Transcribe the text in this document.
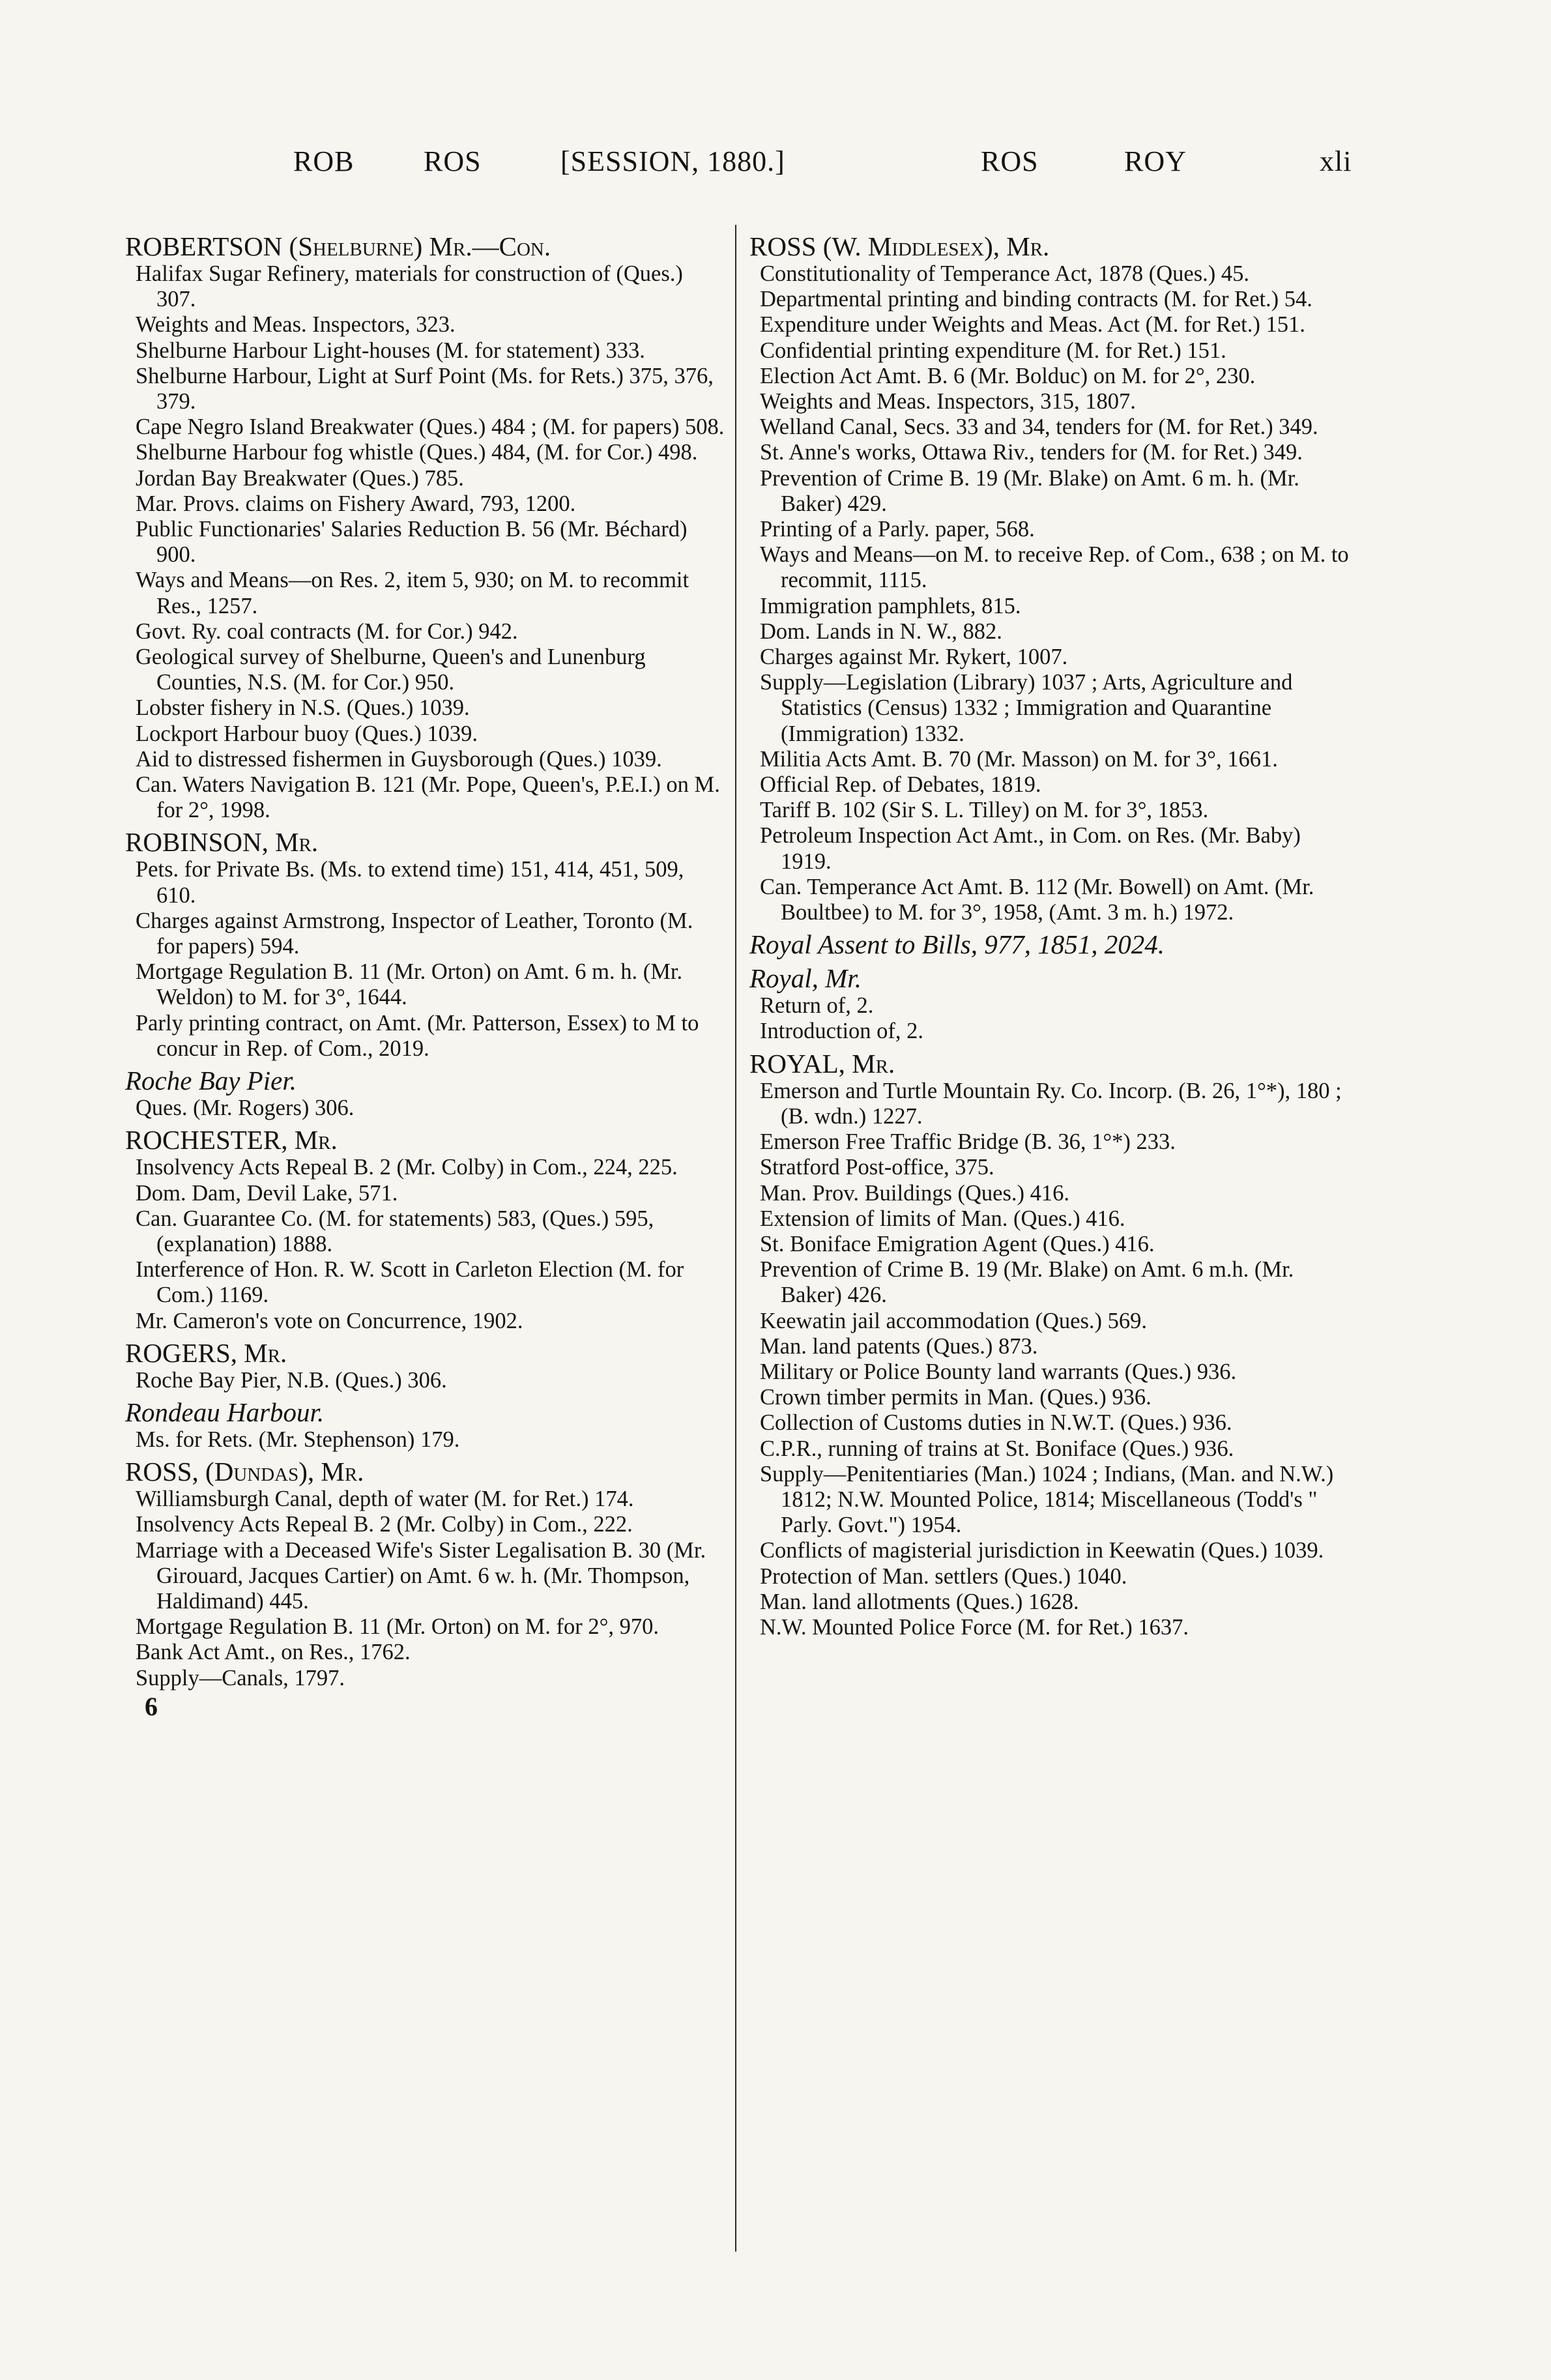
ROB ROS	[SESSION, 1880.]	ROS	ROY	xli
ROBERTSON (Shelburne) Mr.—Con.

Halifax Sugar Refinery, materials for construction of (Ques.) 307.

Weights and Meas. Inspectors, 323.

Shelburne Harbour Light-houses (M. for statement) 333.

Shelburne Harbour, Light at Surf Point (Ms. for Rets.) 375, 376, 379.

Cape Negro Island Breakwater (Ques.) 484 ; (M. for papers) 508.

Shelburne Harbour fog whistle (Ques.) 484, (M. for Cor.) 498.

Jordan Bay Breakwater (Ques.) 785.

Mar. Provs. claims on Fishery Award, 793, 1200.

Public Functionaries' Salaries Reduction B. 56 (Mr. Béchard) 900.

Ways and Means—on Res. 2, item 5, 930; on M. to recommit Res., 1257.

Govt. Ry. coal contracts (M. for Cor.) 942.

Geological survey of Shelburne, Queen's and Lunenburg Counties, N.S. (M. for Cor.) 950.

Lobster fishery in N.S. (Ques.) 1039.

Lockport Harbour buoy (Ques.) 1039.

Aid to distressed fishermen in Guysborough (Ques.) 1039.

Can. Waters Navigation B. 121 (Mr. Pope, Queen's, P.E.I.) on M. for 2°, 1998.

ROBINSON, Mr.

Pets. for Private Bs. (Ms. to extend time) 151, 414, 451, 509, 610.

Charges against Armstrong, Inspector of Leather, Toronto (M. for papers) 594.

Mortgage Regulation B. 11 (Mr. Orton) on Amt. 6 m. h. (Mr. Weldon) to M. for 3°, 1644.

Parly printing contract, on Amt. (Mr. Patterson, Essex) to M to concur in Rep. of Com., 2019.

Roche Bay Pier.

Ques. (Mr. Rogers) 306.

ROCHESTER, Mr.

Insolvency Acts Repeal B. 2 (Mr. Colby) in Com., 224, 225.

Dom. Dam, Devil Lake, 571.

Can. Guarantee Co. (M. for statements) 583, (Ques.) 595, (explanation) 1888.

Interference of Hon. R. W. Scott in Carleton Election (M. for Com.) 1169.

Mr. Cameron's vote on Concurrence, 1902.

ROGERS, Mr.

Roche Bay Pier, N.B. (Ques.) 306.

Rondeau Harbour.

Ms. for Rets. (Mr. Stephenson) 179.

ROSS, (Dundas), Mr.

Williamsburgh Canal, depth of water (M. for Ret.) 174.

Insolvency Acts Repeal B. 2 (Mr. Colby) in Com., 222.

Marriage with a Deceased Wife's Sister Legalisation B. 30 (Mr. Girouard, Jacques Cartier) on Amt. 6 w. h. (Mr. Thompson, Haldimand) 445.

Mortgage Regulation B. 11 (Mr. Orton) on M. for 2°, 970.

Bank Act Amt., on Res., 1762.

Supply—Canals, 1797.

6
ROSS (W. Middlesex), Mr.

Constitutionality of Temperance Act, 1878 (Ques.) 45.

Departmental printing and binding contracts (M. for Ret.) 54.

Expenditure under Weights and Meas. Act (M. for Ret.) 151.

Confidential printing expenditure (M. for Ret.) 151.

Election Act Amt. B. 6 (Mr. Bolduc) on M. for 2°, 230.

Weights and Meas. Inspectors, 315, 1807.

Welland Canal, Secs. 33 and 34, tenders for (M. for Ret.) 349.

St. Anne's works, Ottawa Riv., tenders for (M. for Ret.) 349.

Prevention of Crime B. 19 (Mr. Blake) on Amt. 6 m. h. (Mr. Baker) 429.

Printing of a Parly. paper, 568.

Ways and Means—on M. to receive Rep. of Com., 638 ; on M. to recommit, 1115.

Immigration pamphlets, 815.

Dom. Lands in N. W., 882.

Charges against Mr. Rykert, 1007.

Supply—Legislation (Library) 1037 ; Arts, Agriculture and Statistics (Census) 1332 ; Immigration and Quarantine (Immigration) 1332.

Militia Acts Amt. B. 70 (Mr. Masson) on M. for 3°, 1661.

Official Rep. of Debates, 1819.

Tariff B. 102 (Sir S. L. Tilley) on M. for 3°, 1853.

Petroleum Inspection Act Amt., in Com. on Res. (Mr. Baby) 1919.

Can. Temperance Act Amt. B. 112 (Mr. Bowell) on Amt. (Mr. Boultbee) to M. for 3°, 1958, (Amt. 3 m. h.) 1972.

Royal Assent to Bills, 977, 1851, 2024.
Royal, Mr.

Return of, 2.

Introduction of, 2.

ROYAL, Mr.

Emerson and Turtle Mountain Ry. Co. Incorp. (B. 26, 1°*), 180 ; (B. wdn.) 1227.

Emerson Free Traffic Bridge (B. 36, 1°*) 233.

Stratford Post-office, 375.

Man. Prov. Buildings (Ques.) 416.

Extension of limits of Man. (Ques.) 416.

St. Boniface Emigration Agent (Ques.) 416.

Prevention of Crime B. 19 (Mr. Blake) on Amt. 6 m.h. (Mr. Baker) 426.

Keewatin jail accommodation (Ques.) 569.

Man. land patents (Ques.) 873.

Military or Police Bounty land warrants (Ques.) 936.

Crown timber permits in Man. (Ques.) 936.

Collection of Customs duties in N.W.T. (Ques.) 936.

C.P.R., running of trains at St. Boniface (Ques.) 936.

Supply—Penitentiaries (Man.) 1024 ; Indians, (Man. and N.W.) 1812; N.W. Mounted Police, 1814; Miscellaneous (Todd's " Parly. Govt.") 1954.

Conflicts of magisterial jurisdiction in Keewatin (Ques.) 1039.

Protection of Man. settlers (Ques.) 1040.

Man. land allotments (Ques.) 1628.

N.W. Mounted Police Force (M. for Ret.) 1637.
